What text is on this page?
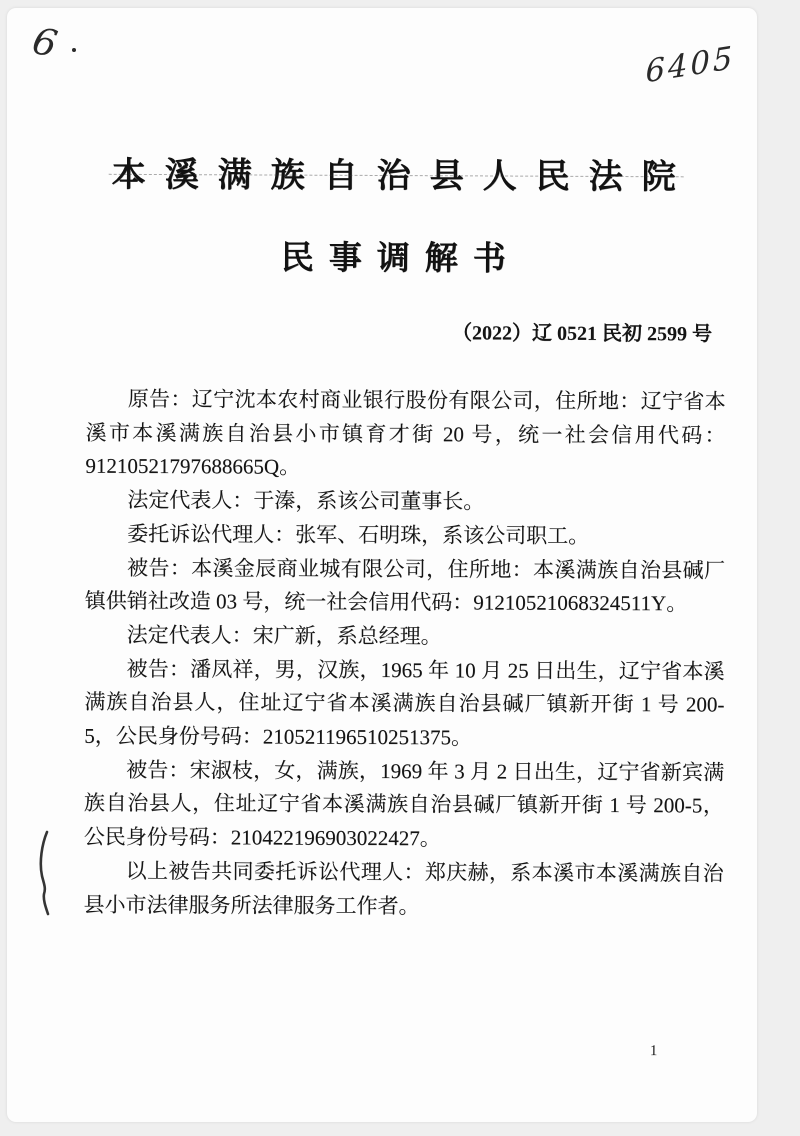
6	6405
本溪满族自治县人民法院
民事调解书
（2022）辽 0521 民初 2599 号

原告：辽宁沈本农村商业银行股份有限公司，住所地：辽宁省本溪市本溪满族自治县小市镇育才街 20 号，统一社会信用代码：91210521797688665Q。

法定代表人：于溱，系该公司董事长。

委托诉讼代理人：张军、石明珠，系该公司职工。

被告：本溪金辰商业城有限公司，住所地：本溪满族自治县碱厂镇供销社改造 03 号，统一社会信用代码：91210521068324511Y。

法定代表人：宋广新，系总经理。

被告：潘凤祥，男，汉族，1965 年 10 月 25 日出生，辽宁省本溪满族自治县人，住址辽宁省本溪满族自治县碱厂镇新开街 1 号 200-5，公民身份号码：210521196510251375。

被告：宋淑枝，女，满族，1969 年 3 月 2 日出生，辽宁省新宾满族自治县人，住址辽宁省本溪满族自治县碱厂镇新开街 1 号 200-5，公民身份号码：210422196903022427。

以上被告共同委托诉讼代理人：郑庆赫，系本溪市本溪满族自治县小市法律服务所法律服务工作者。

1
